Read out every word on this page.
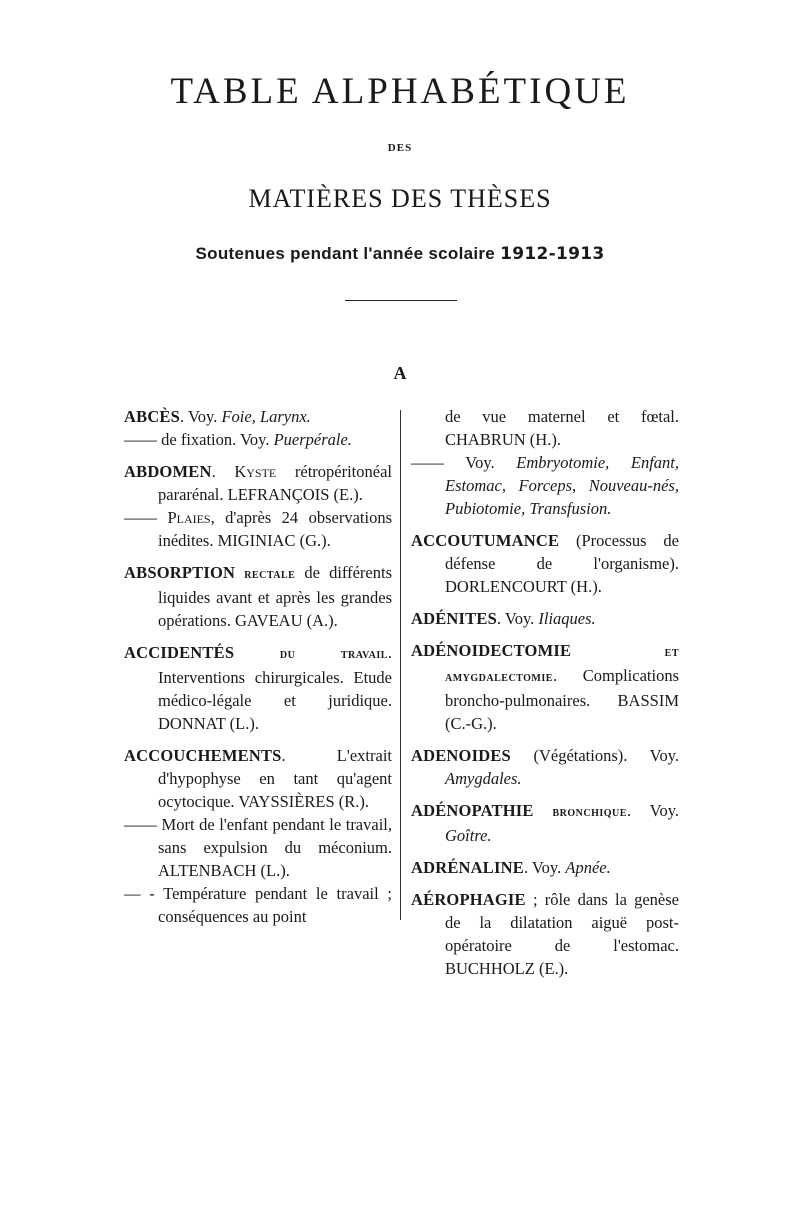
TABLE ALPHABÉTIQUE
DES
MATIÈRES DES THÈSES
Soutenues pendant l'année scolaire 1912-1913
A
ABCÈS. Voy. Foie, Larynx.
—— de fixation. Voy. Puerpérale.
ABDOMEN. Kyste rétropéritonéal pararénal. LEFRANÇOIS (E.).
—— Plaies, d'après 24 observations inédites. MIGINIAC (G.).
ABSORPTION rectale de différents liquides avant et après les grandes opérations. GAVEAU (A.).
ACCIDENTÉS	du travail. Interventions chirurgicales. Etude médico-légale et juridique. DONNAT (L.).
ACCOUCHEMENTS. L'extrait d'hypophyse en tant qu'agent ocytocique. VAYSSIÈRES (R.).
—— Mort de l'enfant pendant le travail, sans expulsion du méconium. ALTENBACH (L.).
— - Température pendant le travail ; conséquences au point
de vue maternel et fœtal. CHABRUN (H.).
—— Voy. Embryotomie, Enfant, Estomac, Forceps, Nouveau-nés, Pubiotomie, Transfusion.
ACCOUTUMANCE (Processus de défense de l'organisme). DORLENCOURT (H.).
ADÉNITES. Voy. Iliaques.
ADÉNOIDECTOMIE	et amygdalectomie. Complications broncho-pulmonaires. BASSIM (C.-G.).
ADENOIDES (Végétations). Voy. Amygdales.
ADÉNOPATHIE bronchique. Voy. Goître.
ADRÉNALINE. Voy. Apnée.
AÉROPHAGIE ; rôle dans la genèse de la dilatation aiguë post-opératoire de l'estomac. BUCHHOLZ (E.).
